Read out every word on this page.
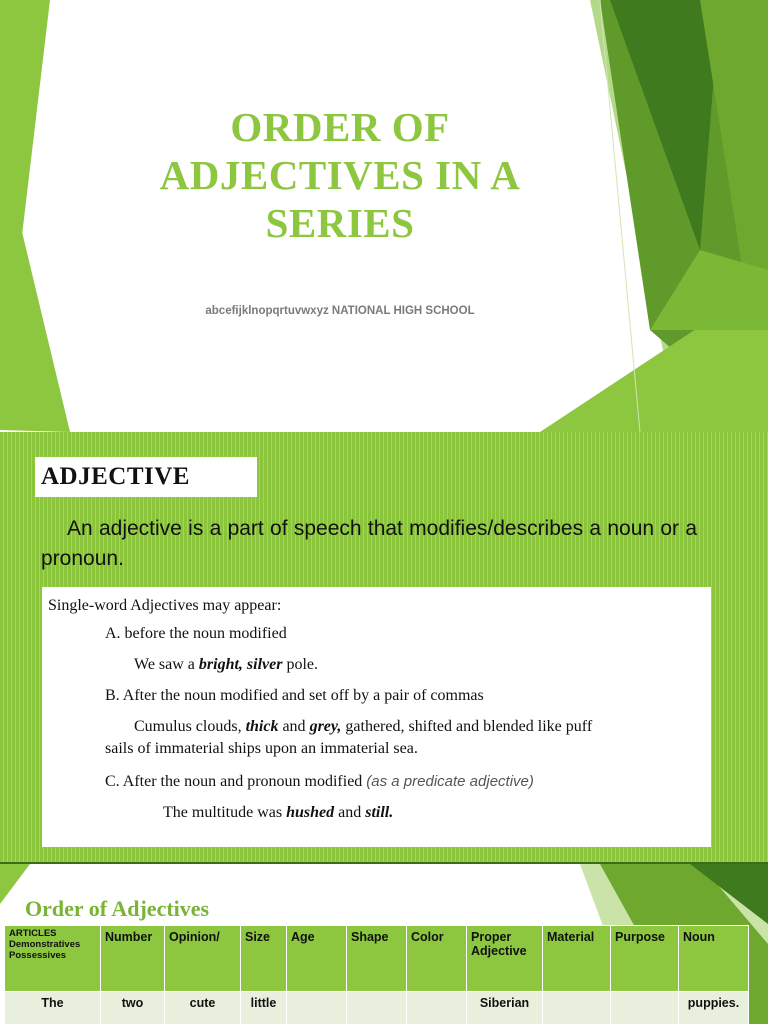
ORDER OF ADJECTIVES IN A SERIES
abcefijklnopqrtuvwxyz NATIONAL HIGH SCHOOL
ADJECTIVE
An adjective is a part of speech that modifies/describes a noun or a pronoun.
Single-word Adjectives may appear:
A. before the noun modified
We saw a bright, silver pole.
B. After the noun modified and set off by a pair of commas
Cumulus clouds, thick and grey, gathered, shifted and blended like puff
sails of immaterial ships upon an immaterial sea.
C. After the noun and pronoun modified (as a predicate adjective)
The multitude was hushed and still.
Order of Adjectives
ARTICLES Demonstratives Possessives	Number	Opinion/	Size	Age	Shape	Color	Proper Adjective	Material	Purpose	Noun
The	two	cute	little				Siberian			puppies.
